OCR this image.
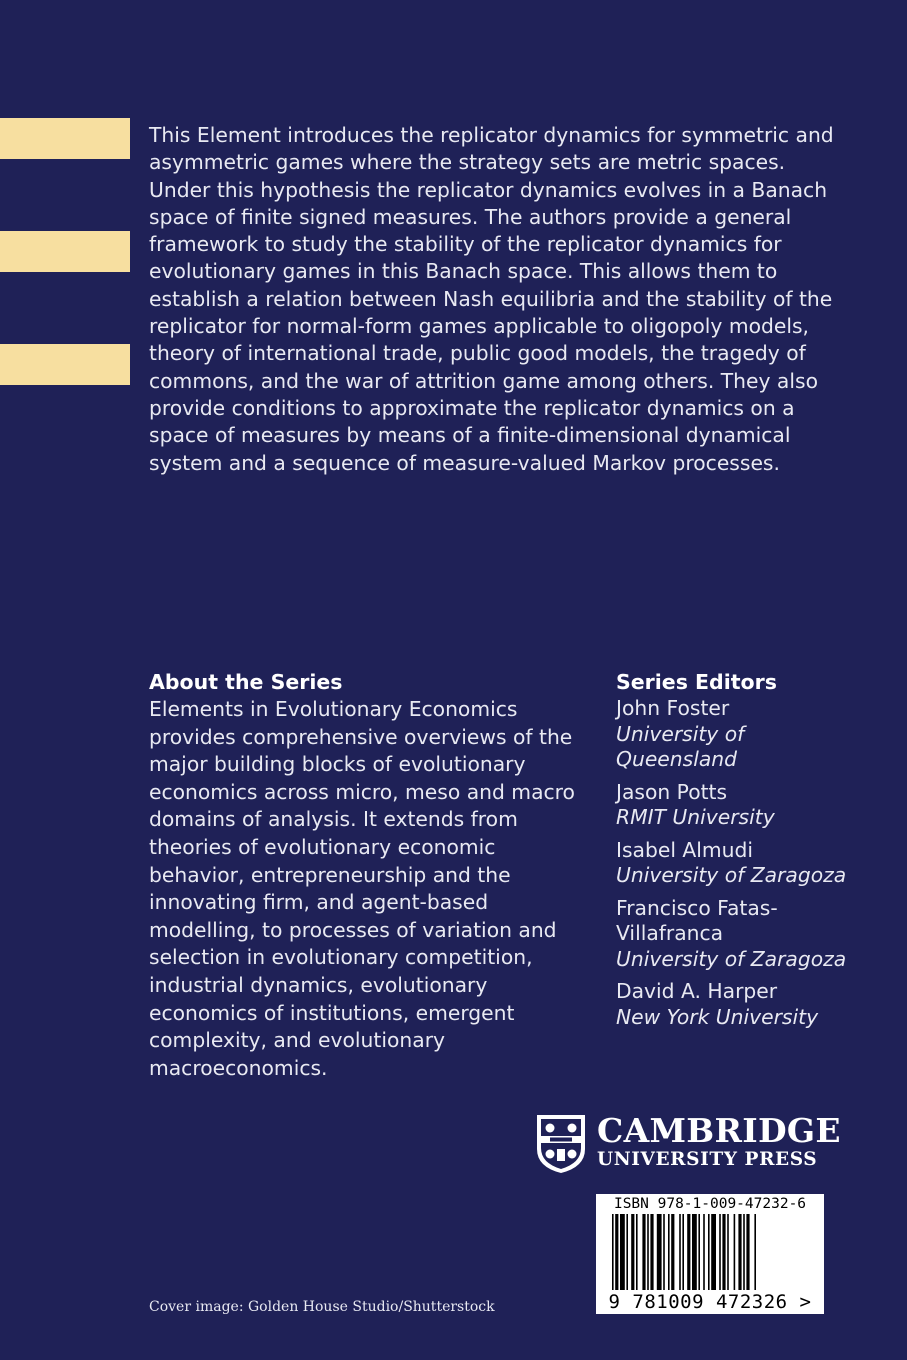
This Element introduces the replicator dynamics for symmetric and asymmetric games where the strategy sets are metric spaces. Under this hypothesis the replicator dynamics evolves in a Banach space of finite signed measures. The authors provide a general framework to study the stability of the replicator dynamics for evolutionary games in this Banach space. This allows them to establish a relation between Nash equilibria and the stability of the replicator for normal-form games applicable to oligopoly models, theory of international trade, public good models, the tragedy of commons, and the war of attrition game among others. They also provide conditions to approximate the replicator dynamics on a space of measures by means of a finite-dimensional dynamical system and a sequence of measure-valued Markov processes.

About the Series

Elements in Evolutionary Economics provides comprehensive overviews of the major building blocks of evolutionary economics across micro, meso and macro domains of analysis. It extends from theories of evolutionary economic behavior, entrepreneurship and the innovating firm, and agent-based modelling, to processes of variation and selection in evolutionary competition, industrial dynamics, evolutionary economics of institutions, emergent complexity, and evolutionary macroeconomics.

Series Editors

John Foster
University of Queensland
Jason Potts
RMIT University
Isabel Almudi
University of Zaragoza
Francisco Fatas-Villafranca
University of Zaragoza
David A. Harper
New York University
CAMBRIDGE
UNIVERSITY PRESS
ISBN 978-1-009-47232-6
9 781009 472326 >
Cover image: Golden House Studio/Shutterstock
